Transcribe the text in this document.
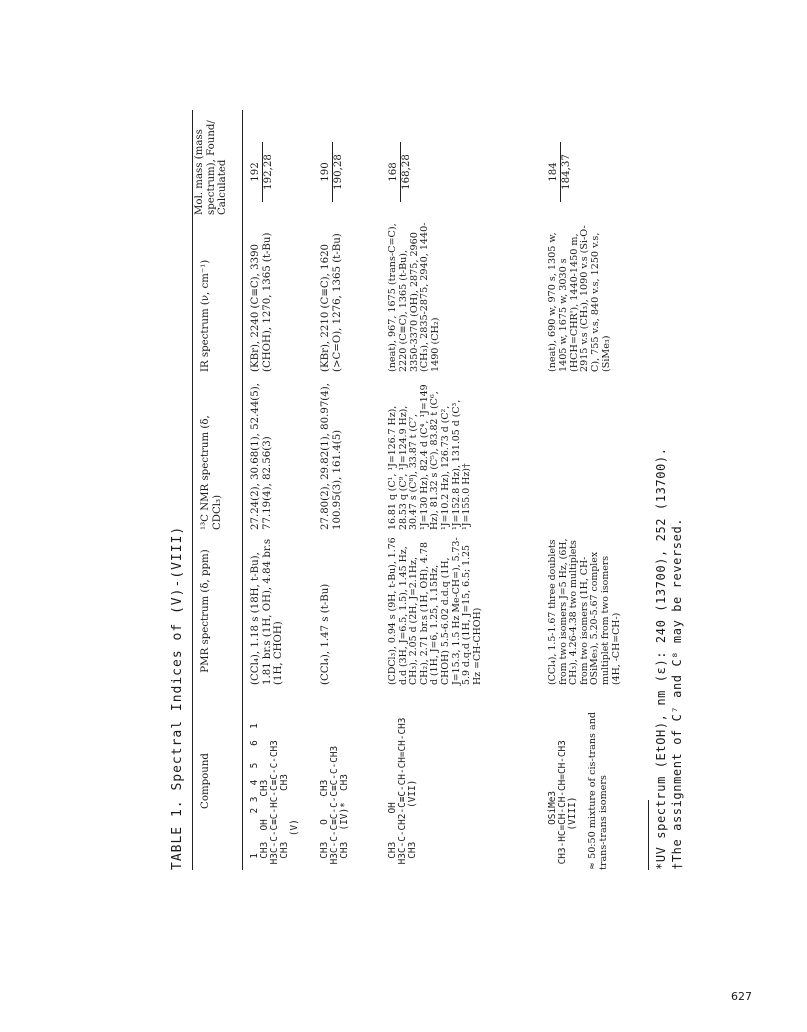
TABLE 1. Spectral Indices of (V)-(VIII) Compound
PMR spectrum (δ, ppm)
¹³C NMR spectrum (δ, CDCl₃)
IR spectrum (ν, cm⁻¹)
Mol. mass (mass spectrum), Found/ Calculated
1       2 3  4  5   6  1
CH3  OH    CH3
H3C-C-C≡C-HC-C≡C-C-CH3
CH3         CH3
(V)
(CCl₄), 1.18 s (18H, t-Bu), 1.81 br.s (1H, OH), 4.84 br.s (1H, CHOH)
27.24(2), 30.68(1), 52.44(5), 77.19(4), 82.56(3)
(KBr), 2240 (C≡C), 3390 (CHOH), 1270, 1365 (t-Bu)
192 192,28
CH3   O    CH3
H3C-C-C≡C-C-C≡C-C-CH3
CH3  (IV)*  CH3
(CCl₄), 1.47 s (t-Bu)
27.80(2), 29.82(1), 80.97(4), 100.95(3), 161.4(5)
(KBr), 2210 (C≡C), 1620 (>C=O), 1276, 1365 (t-Bu)
190 190,28
CH3     OH
H3C-C-CH2-C≡C-CH-CH=CH-CH3
CH3      (VII)
(CDCl₃), 0.94 s (9H, t-Bu), 1.76 d.d (3H, J=6.5, 1.5), 1.45 Hz, CH₃), 2.05 d (2H, J=2.1Hz, CH₂), 2.71 br.s (1H, OH), 4.78 d (1H, J=6, 1.25, 1.15Hz, CHOH) 5.5-6.02 d.d.q (1H, J=15.3, 1.5 Hz Me-CH=), 5.73-5.9 d.q.d (1H, J=15, 6.5; 1.25 Hz =CH-CHOH)
16.81 q (C¹, ¹J=126.7 Hz), 28.53 q (C⁹, ¹J=124.9 Hz), 30.47 s (C⁸), 33.87 t (C⁷, ¹J=130 Hz), 82.4 d (C⁴, ¹J=149 Hz), 81.32 s (C⁵), 83.82 t (C⁶, ¹J=10.2 Hz), 126.73 d (C², ¹J=152.8 Hz), 131.05 d (C³, ¹J=155.0 Hz)†
(neat), 967, 1675 (trans-C=C), 2220 (C≡C), 1365 (t-Bu), 3350-3370 (OH), 2875, 2960 (CH₃), 2835-2875, 2940, 1440-1490 (CH₂)
168 168,28
OSiMe3
CH3-HC=CH-CH-CH=CH-CH3
(VIII) ≈ 50:50 mixture of cis-trans and trans-trans isomers
(CCl₄), 1.5-1.67 three doublets from two isomers J=5 Hz, (6H, CH₃), 4.26-4.38 two multiplets from two isomers (1H, CH-OSiMe₃), 5.20-5.67 complex multiplet from two isomers (4H, -CH=CH-)
(neat), 690 w, 970 s, 1305 w, 1405 w, 1675 w, 3030 s (HCH=CHR'), 1440-1450 m, 2915 v.s (CH₃), 1090 v.s (Si-O-C), 755 v.s, 840 v.s, 1250 v.s, (SiMe₃)
184 184,37
*UV spectrum (EtOH), nm (ε): 240 (13700), 252 (13700). †The assignment of C⁷ and C⁸ may be reversed.
627
